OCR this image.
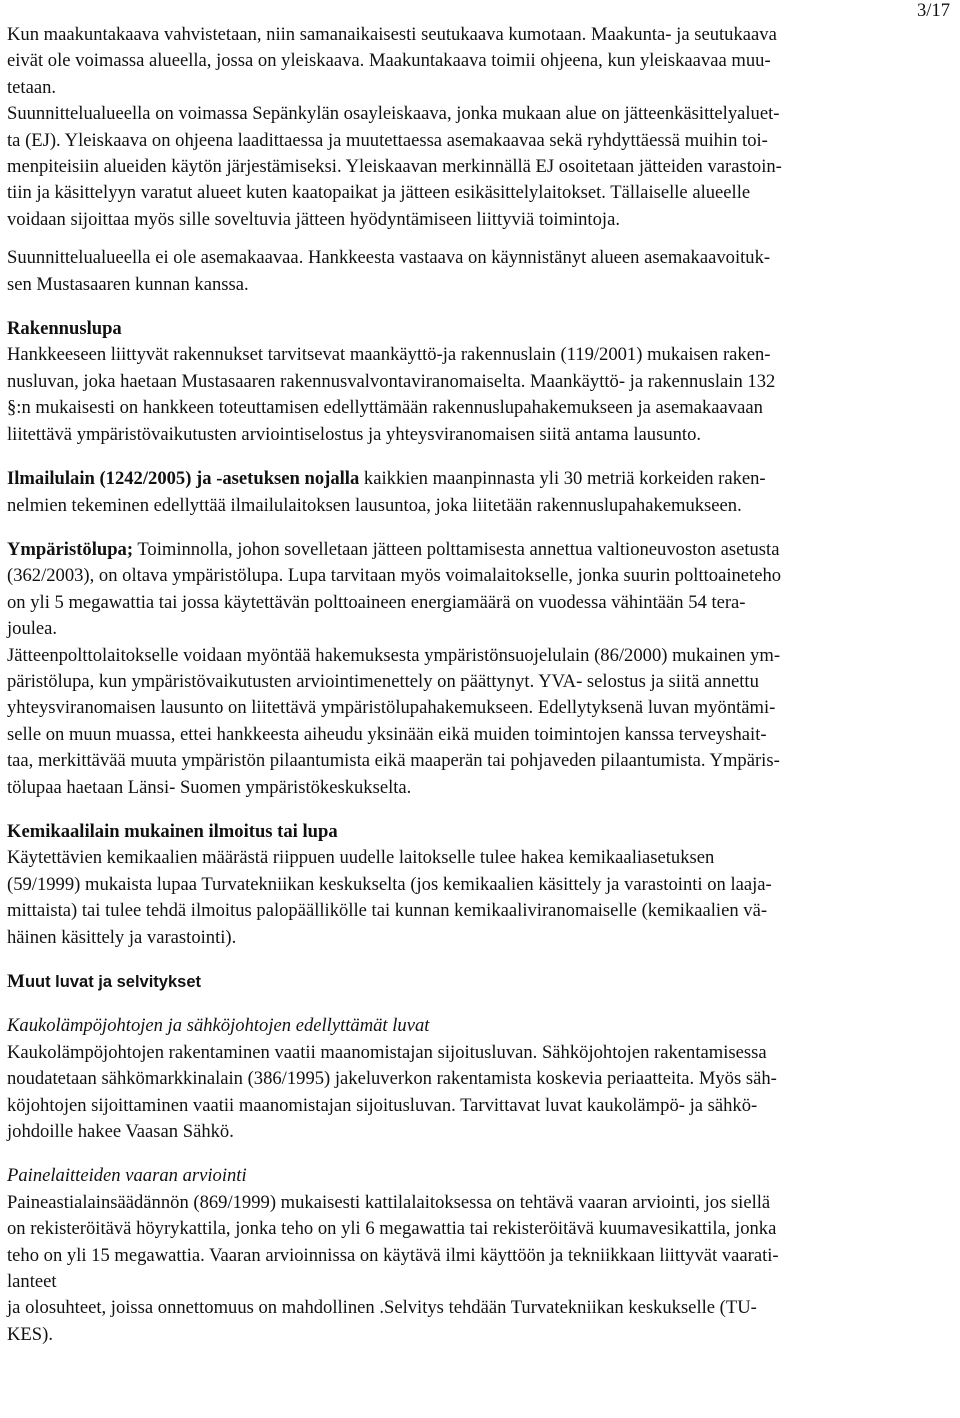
3/17
Kun maakuntakaava vahvistetaan, niin samanaikaisesti seutukaava kumotaan. Maakunta- ja seutukaava
eivät ole voimassa alueella, jossa on yleiskaava. Maakuntakaava toimii ohjeena, kun yleiskaavaa muu-
tetaan.
Suunnittelualueella on voimassa Sepänkylän osayleiskaava, jonka mukaan alue on jätteenkäsittelyaluet-
ta (EJ). Yleiskaava on ohjeena laadittaessa ja muutettaessa asemakaavaa sekä ryhdyttäessä muihin toi-
menpiteisiin alueiden käytön järjestämiseksi. Yleiskaavan merkinnällä EJ osoitetaan jätteiden varastoin-
tiin ja käsittelyyn varatut alueet kuten kaatopaikat ja jätteen esikäsittelylaitokset. Tällaiselle alueelle
voidaan sijoittaa myös sille soveltuvia jätteen hyödyntämiseen liittyviä toimintoja.
Suunnittelualueella ei ole asemakaavaa. Hankkeesta vastaava on käynnistänyt alueen asemakaavoituk-
sen Mustasaaren kunnan kanssa.
Rakennuslupa
Hankkeeseen liittyvät rakennukset tarvitsevat maankäyttö-ja rakennuslain (119/2001) mukaisen raken-
nusluvan, joka haetaan Mustasaaren rakennusvalvontaviranomaiselta. Maankäyttö- ja rakennuslain 132
§:n mukaisesti on hankkeen toteuttamisen edellyttämään rakennuslupahakemukseen ja asemakaavaan
liitettävä ympäristövaikutusten arviointiselostus ja yhteysviranomaisen siitä antama lausunto.
Ilmailulain (1242/2005) ja -asetuksen nojalla kaikkien maanpinnasta yli 30 metriä korkeiden raken-
nelmien tekeminen edellyttää ilmailulaitoksen lausuntoa, joka liitetään rakennuslupahakemukseen.
Ympäristölupa; Toiminnolla, johon sovelletaan jätteen polttamisesta annettua valtioneuvoston asetusta
(362/2003), on oltava ympäristölupa. Lupa tarvitaan myös voimalaitokselle, jonka suurin polttoaineteho
on yli 5 megawattia tai jossa käytettävän polttoaineen energiamäärä on vuodessa vähintään 54 tera-
joulea.
Jätteenpolttolaitokselle voidaan myöntää hakemuksesta ympäristönsuojelulain (86/2000) mukainen ym-
päristölupa, kun ympäristövaikutusten arviointimenettely on päättynyt. YVA- selostus ja siitä annettu
yhteysviranomaisen lausunto on liitettävä ympäristölupahakemukseen. Edellytyksenä luvan myöntämi-
selle on muun muassa, ettei hankkeesta aiheudu yksinään eikä muiden toimintojen kanssa terveyshait-
taa, merkittävää muuta ympäristön pilaantumista eikä maaperän tai pohjaveden pilaantumista. Ympäris-
tölupaa haetaan Länsi- Suomen ympäristökeskukselta.
Kemikaalilain mukainen ilmoitus tai lupa
Käytettävien kemikaalien määrästä riippuen uudelle laitokselle tulee hakea kemikaaliasetuksen
(59/1999) mukaista lupaa Turvatekniikan keskukselta (jos kemikaalien käsittely ja varastointi on laaja-
mittaista) tai tulee tehdä ilmoitus palopäällikölle tai kunnan kemikaaliviranomaiselle (kemikaalien vä-
häinen käsittely ja varastointi).
Muut luvat ja selvitykset
Kaukolämpöjohtojen ja sähköjohtojen edellyttämät luvat
Kaukolämpöjohtojen rakentaminen vaatii maanomistajan sijoitusluvan. Sähköjohtojen rakentamisessa
noudatetaan sähkömarkkinalain (386/1995) jakeluverkon rakentamista koskevia periaatteita. Myös säh-
köjohtojen sijoittaminen vaatii maanomistajan sijoitusluvan. Tarvittavat luvat kaukolämpö- ja sähkö-
johdoille hakee Vaasan Sähkö.
Painelaitteiden vaaran arviointi
Paineastialainsäädännön (869/1999) mukaisesti kattilalaitoksessa on tehtävä vaaran arviointi, jos siellä
on rekisteröitävä höyrykattila, jonka teho on yli 6 megawattia tai rekisteröitävä kuumavesikattila, jonka
teho on yli 15 megawattia. Vaaran arvioinnissa on käytävä ilmi käyttöön ja tekniikkaan liittyvät vaarati-
lanteet
ja olosuhteet, joissa onnettomuus on mahdollinen .Selvitys tehdään Turvatekniikan keskukselle (TU-
KES).
